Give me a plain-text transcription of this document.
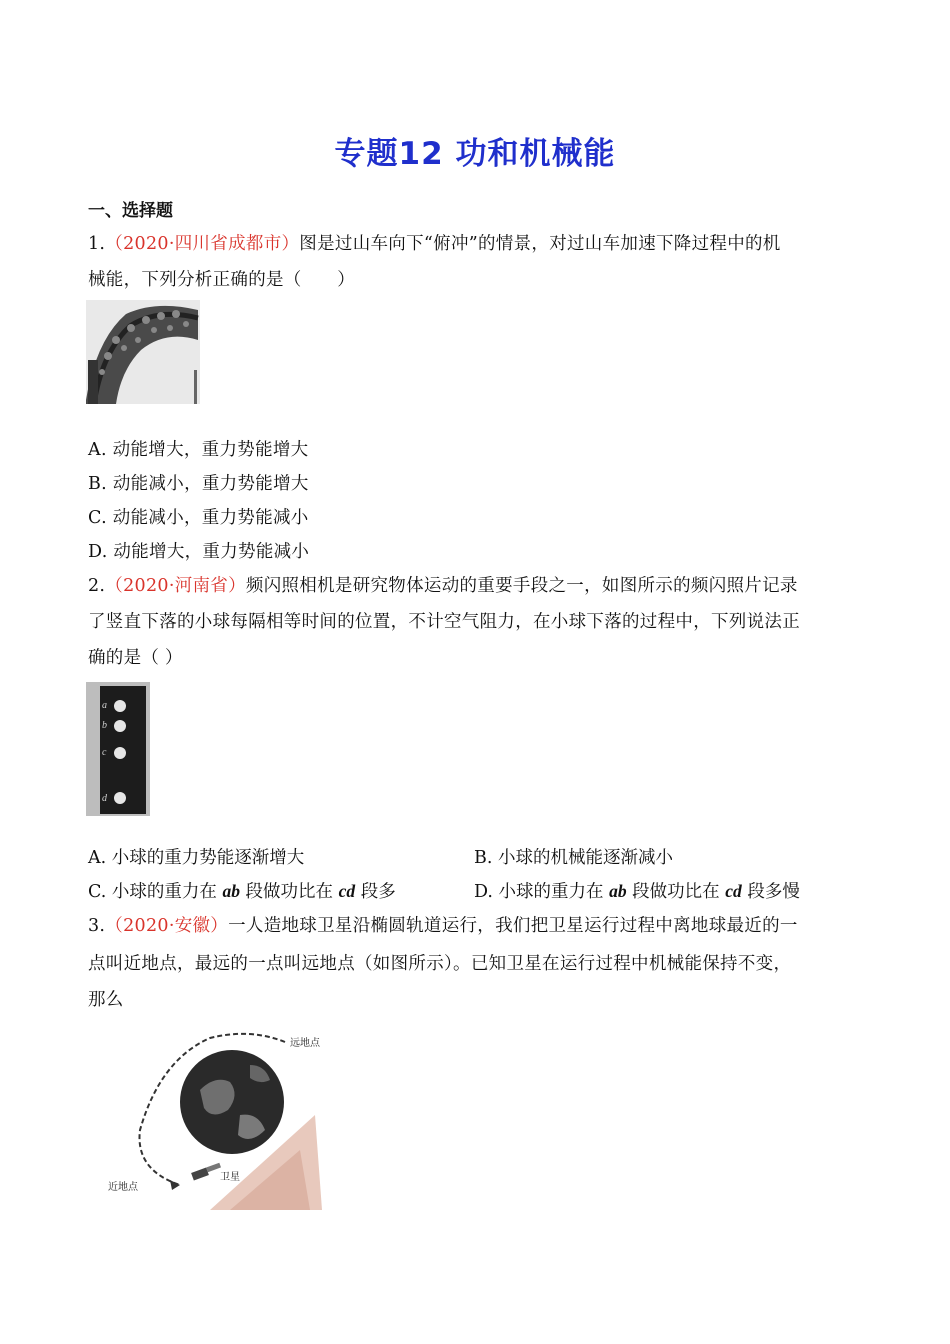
专题12 功和机械能
一、选择题
1.（2020·四川省成都市）图是过山车向下“俯冲”的情景，对过山车加速下降过程中的机
械能，下列分析正确的是（　　）
A. 动能增大，重力势能增大
B. 动能减小，重力势能增大
C. 动能减小，重力势能减小
D. 动能增大，重力势能减小
2.（2020·河南省）频闪照相机是研究物体运动的重要手段之一，如图所示的频闪照片记录
了竖直下落的小球每隔相等时间的位置，不计空气阻力，在小球下落的过程中，下列说法正
确的是（ ）
a
b
c
d
A. 小球的重力势能逐渐增大	B. 小球的机械能逐渐减小
C. 小球的重力在 ab 段做功比在 cd 段多	D. 小球的重力在 ab 段做功比在 cd 段多慢
3.（2020·安徽）一人造地球卫星沿椭圆轨道运行，我们把卫星运行过程中离地球最近的一
点叫近地点，最远的一点叫远地点（如图所示）。已知卫星在运行过程中机械能保持不变，
那么
远地点
近地点
卫星
